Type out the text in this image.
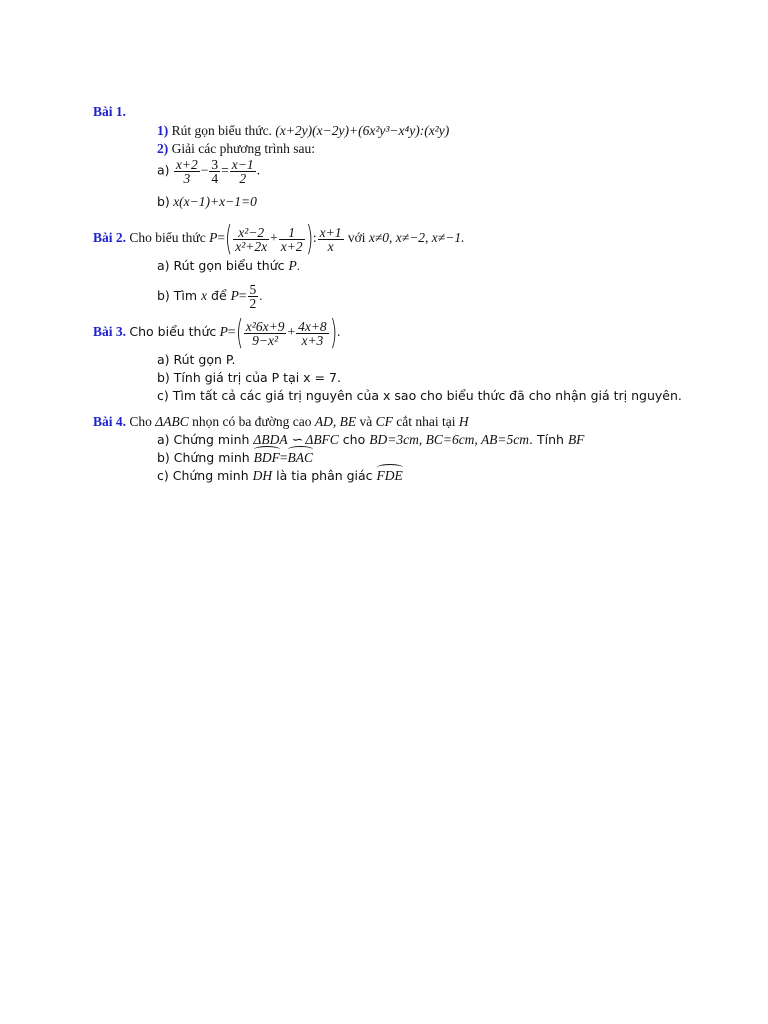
Bài 1.
1) Rút gọn biểu thức. (x+2y)(x−2y)+(6x²y³−x⁴y):(x²y)
2) Giải các phương trình sau:
$a) \frac{x+2}{3} - \frac{3}{4} = \frac{x-1}{2}$ .
b) x(x−1)+x−1=0
Bài 2. Cho biểu thức $P=( \frac{\text{x²−2}}{\text{x²+2x}} + \frac{1}{x+2}$ ): $\frac{x+1}{x}$ với x≠0, x≠−2, x≠−1.
a) Rút gọn biểu thức P.
b) Tìm x để $P= \frac{5}{2}$ .
Bài 3. Cho biểu thức $P=( \frac{\text{x²6x+9}}{\text{9−x²}} + \frac{4x+8}{x+3}$ ).
a) Rút gọn P.
b) Tính giá trị của P tại x = 7.
c) Tìm tất cả các giá trị nguyên của x sao cho biểu thức đã cho nhận giá trị nguyên.
Bài 4. Cho ΔABC nhọn có ba đường cao AD, BE và CF cắt nhai tại H
a) Chứng minh ΔBDA ∽ ΔBFC cho BD=3cm, BC=6cm, AB=5cm. Tính BF
b) Chứng minh BDF=BAC
c) Chứng minh DH là tia phân giác FDE
